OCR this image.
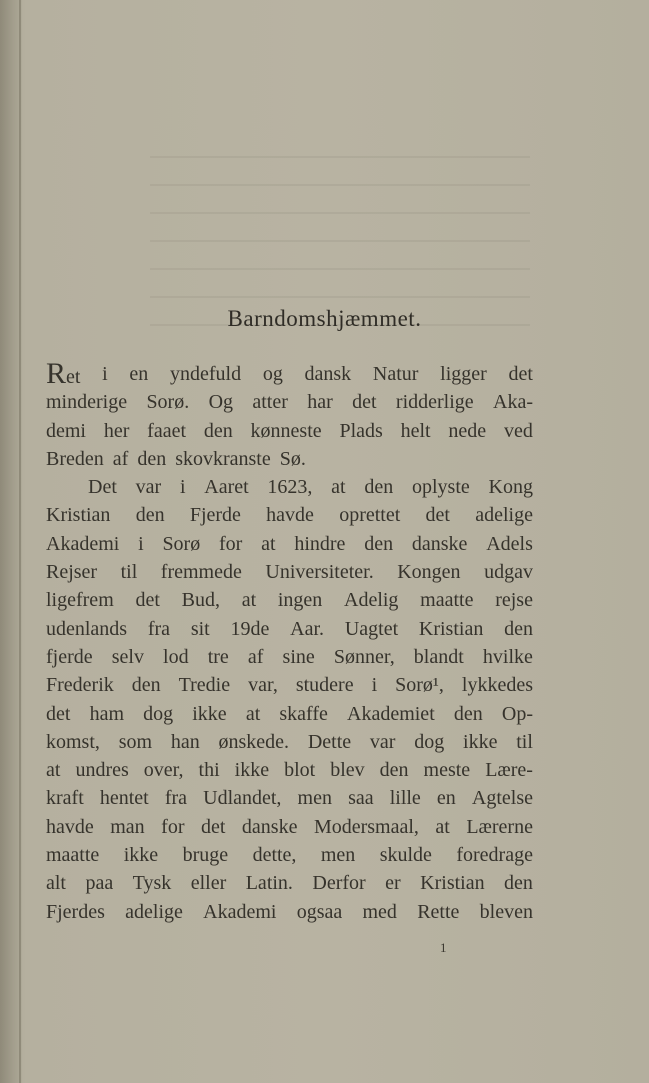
Barndomshjæmmet.
Ret i en yndefuld og dansk Natur ligger det
minderige Sorø. Og atter har det ridderlige Aka-
demi her faaet den kønneste Plads helt nede ved
Breden af den skovkranste Sø.
Det var i Aaret 1623, at den oplyste Kong
Kristian den Fjerde havde oprettet det adelige
Akademi i Sorø for at hindre den danske Adels
Rejser til fremmede Universiteter. Kongen udgav
ligefrem det Bud, at ingen Adelig maatte rejse
udenlands fra sit 19de Aar. Uagtet Kristian den
fjerde selv lod tre af sine Sønner, blandt hvilke
Frederik den Tredie var, studere i Sorø¹, lykkedes
det ham dog ikke at skaffe Akademiet den Op-
komst, som han ønskede. Dette var dog ikke til
at undres over, thi ikke blot blev den meste Lære-
kraft hentet fra Udlandet, men saa lille en Agtelse
havde man for det danske Modersmaal, at Lærerne
maatte ikke bruge dette, men skulde foredrage
alt paa Tysk eller Latin. Derfor er Kristian den
Fjerdes adelige Akademi ogsaa med Rette bleven
1
